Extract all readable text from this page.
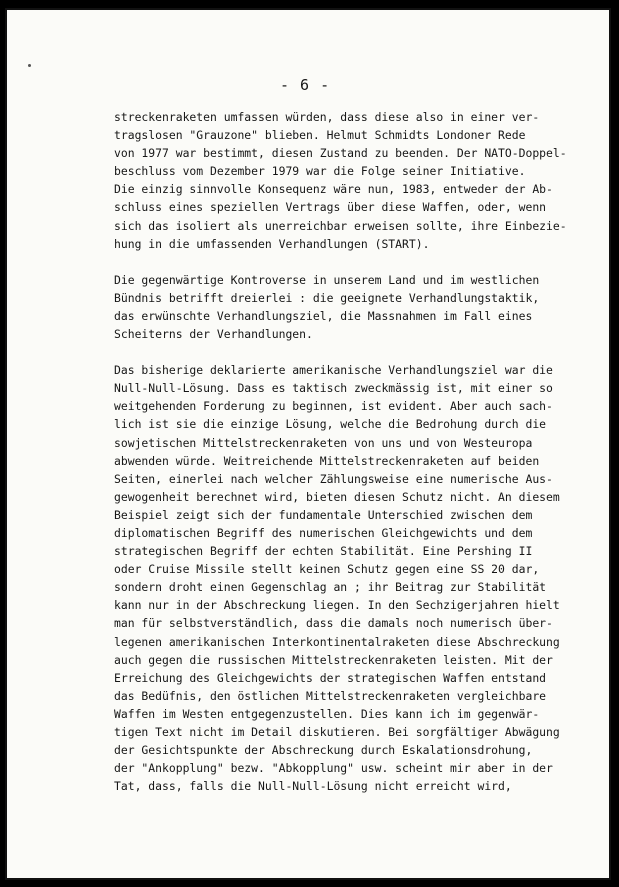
- 6 -
streckenraketen umfassen würden, dass diese also in einer ver-
tragslosen "Grauzone" blieben. Helmut Schmidts Londoner Rede
von 1977 war bestimmt, diesen Zustand zu beenden. Der NATO-Doppel-
beschluss vom Dezember 1979 war die Folge seiner Initiative.
Die einzig sinnvolle Konsequenz wäre nun, 1983, entweder der Ab-
schluss eines speziellen Vertrags über diese Waffen, oder, wenn
sich das isoliert als unerreichbar erweisen sollte, ihre Einbezie-
hung in die umfassenden Verhandlungen (START).
Die gegenwärtige Kontroverse in unserem Land und im westlichen
Bündnis betrifft dreierlei : die geeignete Verhandlungstaktik,
das erwünschte Verhandlungsziel, die Massnahmen im Fall eines
Scheiterns der Verhandlungen.
Das bisherige deklarierte amerikanische Verhandlungsziel war die
Null-Null-Lösung. Dass es taktisch zweckmässig ist, mit einer so
weitgehenden Forderung zu beginnen, ist evident. Aber auch sach-
lich ist sie die einzige Lösung, welche die Bedrohung durch die
sowjetischen Mittelstreckenraketen von uns und von Westeuropa
abwenden würde. Weitreichende Mittelstreckenraketen auf beiden
Seiten, einerlei nach welcher Zählungsweise eine numerische Aus-
gewogenheit berechnet wird, bieten diesen Schutz nicht. An diesem
Beispiel zeigt sich der fundamentale Unterschied zwischen dem
diplomatischen Begriff des numerischen Gleichgewichts und dem
strategischen Begriff der echten Stabilität. Eine Pershing II
oder Cruise Missile stellt keinen Schutz gegen eine SS 20 dar,
sondern droht einen Gegenschlag an ; ihr Beitrag zur Stabilität
kann nur in der Abschreckung liegen. In den Sechzigerjahren hielt
man für selbstverständlich, dass die damals noch numerisch über-
legenen amerikanischen Interkontinentalraketen diese Abschreckung
auch gegen die russischen Mittelstreckenraketen leisten. Mit der
Erreichung des Gleichgewichts der strategischen Waffen entstand
das Bedüfnis, den östlichen Mittelstreckenraketen vergleichbare
Waffen im Westen entgegenzustellen. Dies kann ich im gegenwär-
tigen Text nicht im Detail diskutieren. Bei sorgfältiger Abwägung
der Gesichtspunkte der Abschreckung durch Eskalationsdrohung,
der "Ankopplung" bezw. "Abkopplung" usw. scheint mir aber in der
Tat, dass, falls die Null-Null-Lösung nicht erreicht wird,
